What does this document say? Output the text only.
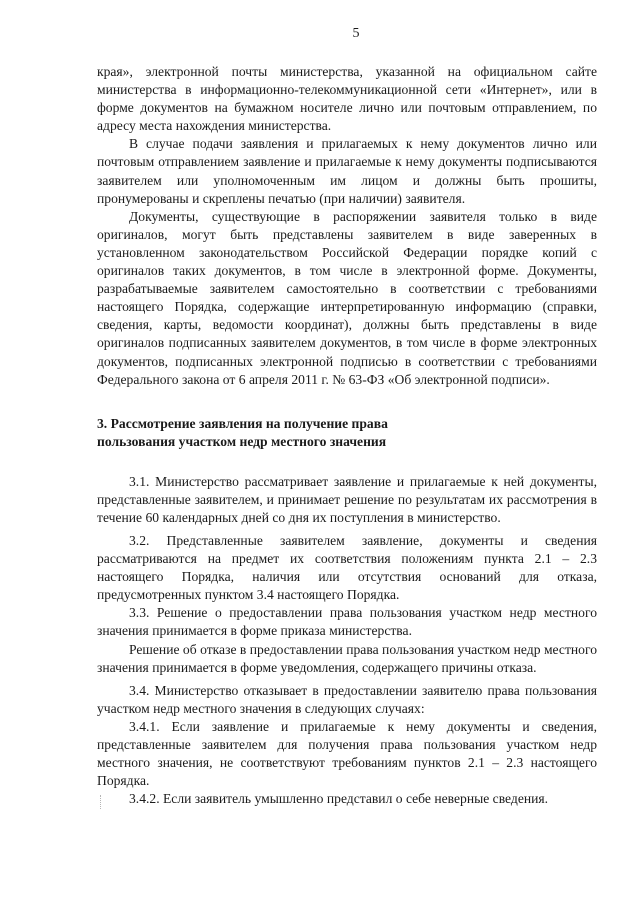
5

края», электронной почты министерства, указанной на официальном сайте министерства в информационно-телекоммуникационной сети «Интернет», или в форме документов на бумажном носителе лично или почтовым отправлением, по адресу места нахождения министерства.

В случае подачи заявления и прилагаемых к нему документов лично или почтовым отправлением заявление и прилагаемые к нему документы подписываются заявителем или уполномоченным им лицом и должны быть прошиты, пронумерованы и скреплены печатью (при наличии) заявителя.

Документы, существующие в распоряжении заявителя только в виде оригиналов, могут быть представлены заявителем в виде заверенных в установленном законодательством Российской Федерации порядке копий с оригиналов таких документов, в том числе в электронной форме. Документы, разрабатываемые заявителем самостоятельно в соответствии с требованиями настоящего Порядка, содержащие интерпретированную информацию (справки, сведения, карты, ведомости координат), должны быть представлены в виде оригиналов подписанных заявителем документов, в том числе в форме электронных документов, подписанных электронной подписью в соответствии с требованиями Федерального закона от 6 апреля 2011 г. № 63-ФЗ «Об электронной подписи».

3. Рассмотрение заявления на получение права
пользования участком недр местного значения

3.1. Министерство рассматривает заявление и прилагаемые к ней документы, представленные заявителем, и принимает решение по результатам их рассмотрения в течение 60 календарных дней со дня их поступления в министерство.

3.2. Представленные заявителем заявление, документы и сведения рассматриваются на предмет их соответствия положениям пункта 2.1 – 2.3 настоящего Порядка, наличия или отсутствия оснований для отказа, предусмотренных пунктом 3.4 настоящего Порядка.

3.3. Решение о предоставлении права пользования участком недр местного значения принимается в форме приказа министерства.

Решение об отказе в предоставлении права пользования участком недр местного значения принимается в форме уведомления, содержащего причины отказа.

3.4. Министерство отказывает в предоставлении заявителю права пользования участком недр местного значения в следующих случаях:

3.4.1. Если заявление и прилагаемые к нему документы и сведения, представленные заявителем для получения права пользования участком недр местного значения, не соответствуют требованиям пунктов 2.1 – 2.3 настоящего Порядка.

3.4.2. Если заявитель умышленно представил о себе неверные сведения.
